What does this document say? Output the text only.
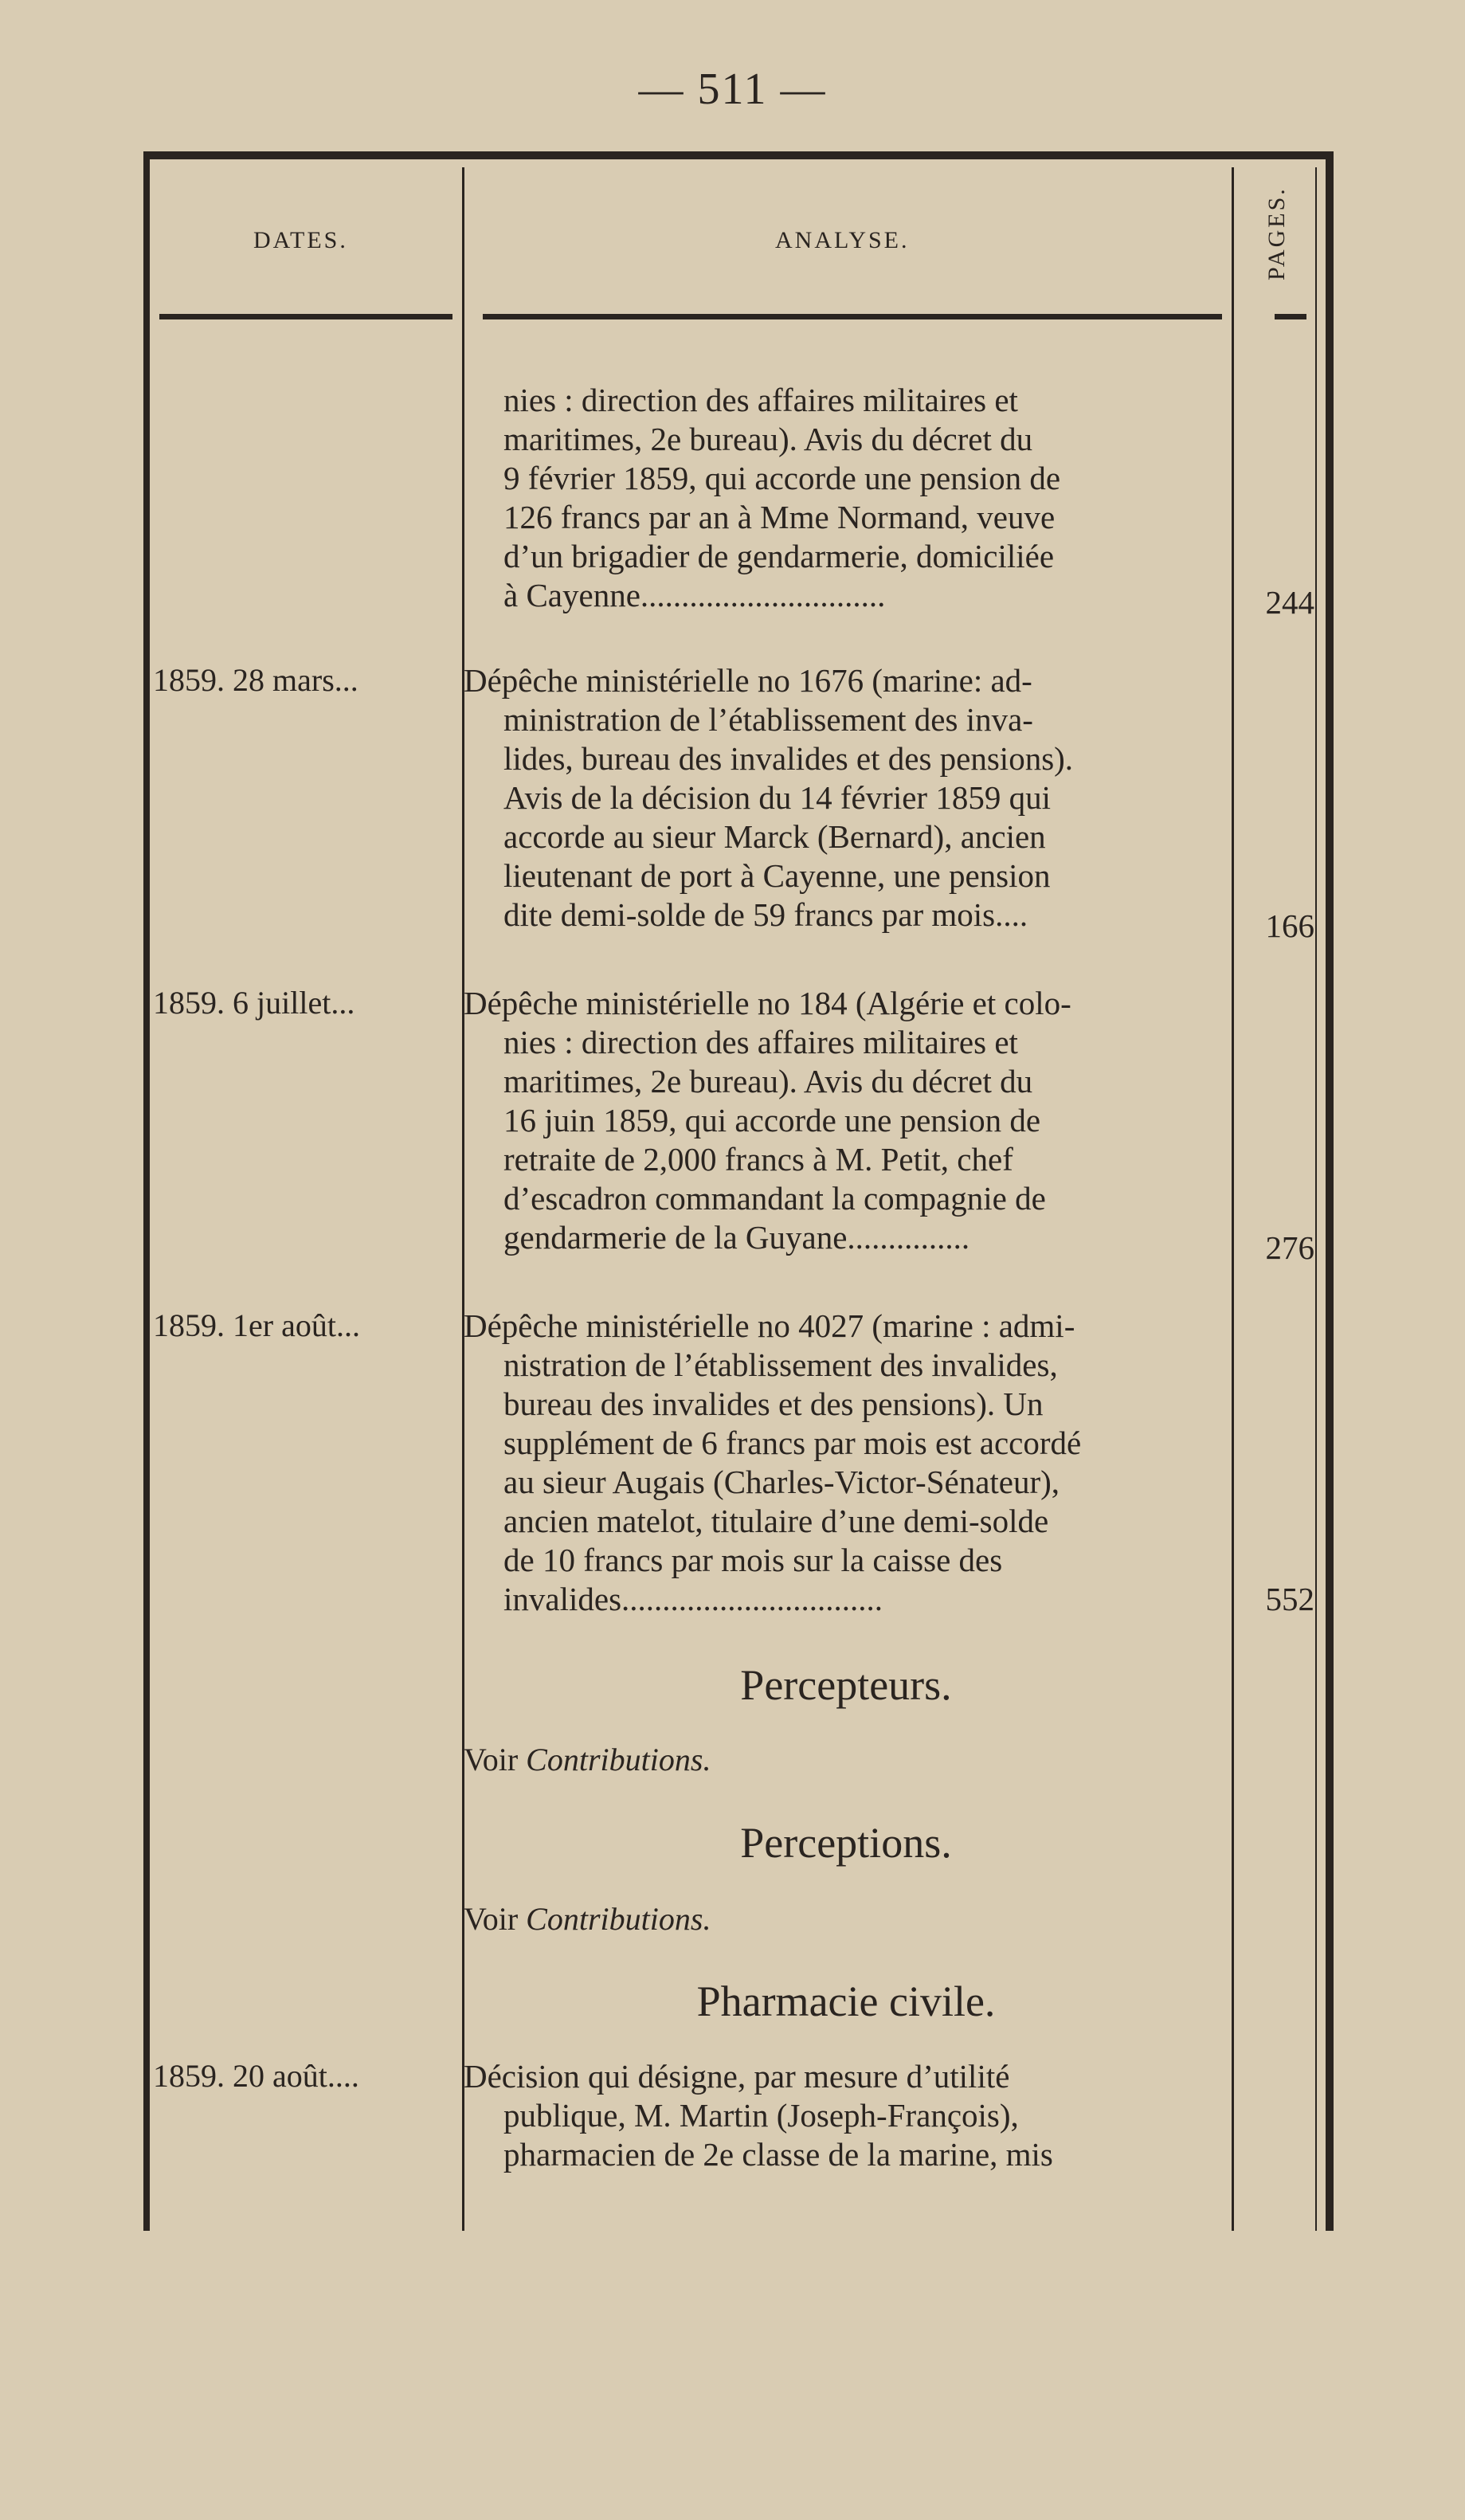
— 511 —
DATES.	ANALYSE.	PAGES.
nies : direction des affaires militaires et
maritimes, 2e bureau). Avis du décret du
9 février 1859, qui accorde une pension de
126 francs par an à Mme Normand, veuve
d’un brigadier de gendarmerie, domiciliée
à Cayenne..............................	244
1859. 28 mars...	Dépêche ministérielle no 1676 (marine: ad-
ministration de l’établissement des inva-
lides, bureau des invalides et des pensions).
Avis de la décision du 14 février 1859 qui
accorde au sieur Marck (Bernard), ancien
lieutenant de port à Cayenne, une pension
dite demi-solde de 59 francs par mois....	166
1859. 6 juillet...	Dépêche ministérielle no 184 (Algérie et colo-
nies : direction des affaires militaires et
maritimes, 2e bureau). Avis du décret du
16 juin 1859, qui accorde une pension de
retraite de 2,000 francs à M. Petit, chef
d’escadron commandant la compagnie de
gendarmerie de la Guyane...............	276
1859. 1er août...	Dépêche ministérielle no 4027 (marine : admi-
nistration de l’établissement des invalides,
bureau des invalides et des pensions). Un
supplément de 6 francs par mois est accordé
au sieur Augais (Charles-Victor-Sénateur),
ancien matelot, titulaire d’une demi-solde
de 10 francs par mois sur la caisse des
invalides................................	552
Percepteurs.
Voir Contributions.
Perceptions.
Voir Contributions.
Pharmacie civile.
1859. 20 août....	Décision qui désigne, par mesure d’utilité
publique, M. Martin (Joseph-François),
pharmacien de 2e classe de la marine, mis
